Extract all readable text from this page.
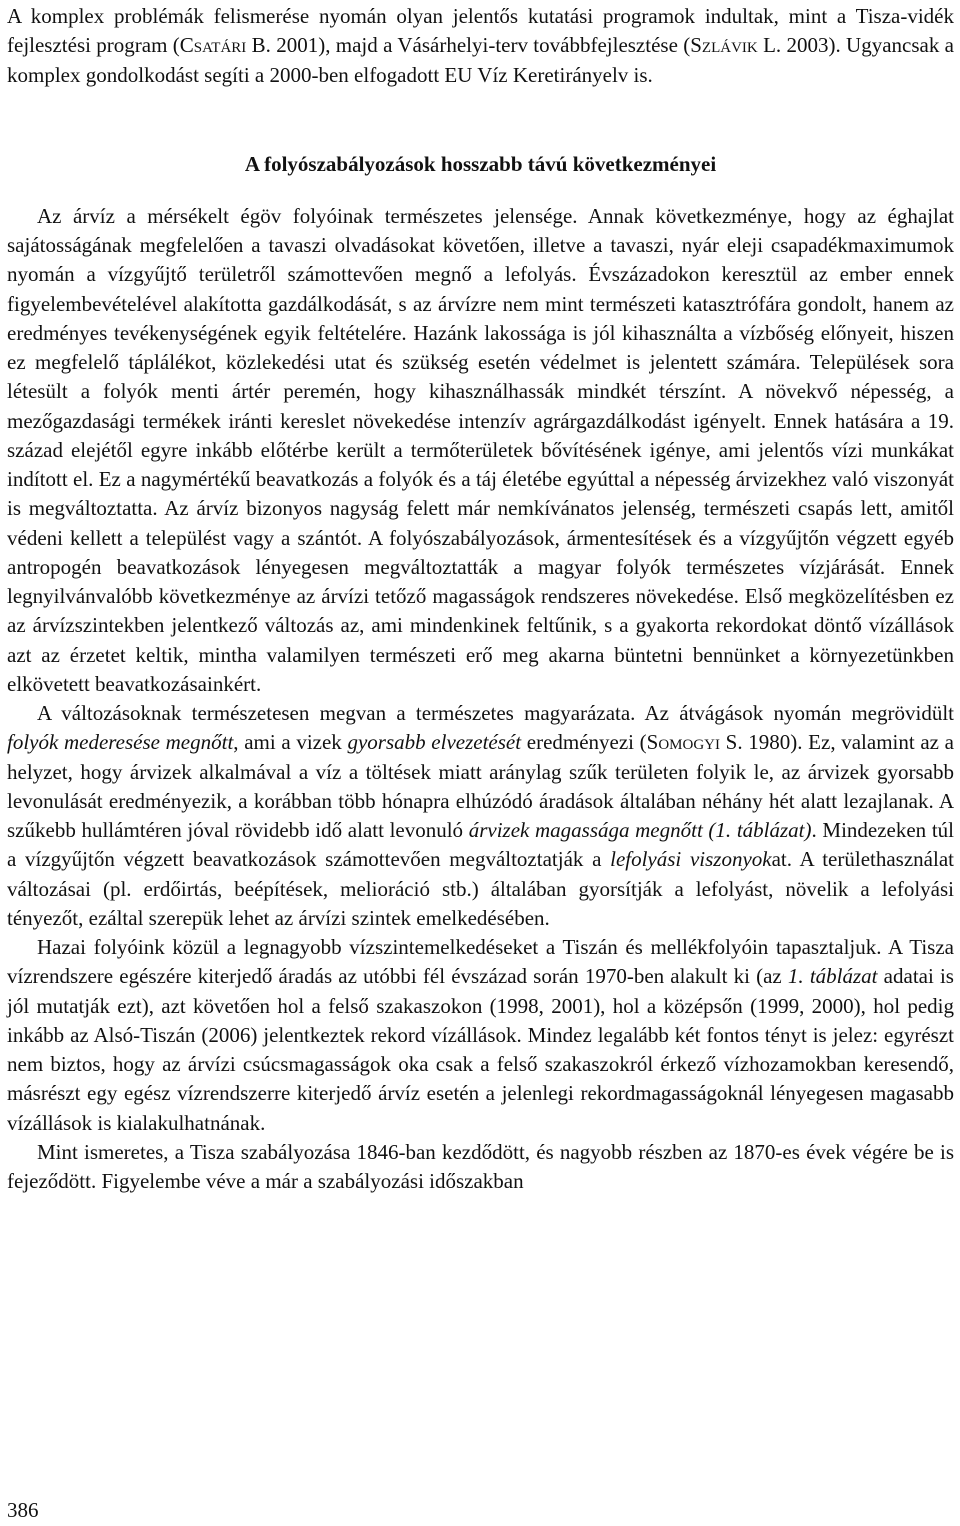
A komplex problémák felismerése nyomán olyan jelentős kutatási programok indultak, mint a Tisza-vidék fejlesztési program (Csatári B. 2001), majd a Vásárhelyi-terv továbbfejlesztése (Szlávik L. 2003). Ugyancsak a komplex gondolkodást segíti a 2000-ben elfogadott EU Víz Keretirányelv is.

A folyószabályozások hosszabb távú következményei

Az árvíz a mérsékelt égöv folyóinak természetes jelensége. Annak következménye, hogy az éghajlat sajátosságának megfelelően a tavaszi olvadásokat követően, illetve a tavaszi, nyár eleji csapadékmaximumok nyomán a vízgyűjtő területről számottevően megnő a lefolyás. Évszázadokon keresztül az ember ennek figyelembevételével alakította gazdálkodását, s az árvízre nem mint természeti katasztrófára gondolt, hanem az eredményes tevékenységének egyik feltételére. Hazánk lakossága is jól kihasználta a vízbőség előnyeit, hiszen ez megfelelő táplálékot, közlekedési utat és szükség esetén védelmet is jelentett számára. Települések sora létesült a folyók menti ártér peremén, hogy kihasználhassák mindkét térszínt. A növekvő népesség, a mezőgazdasági termékek iránti kereslet növekedése intenzív agrárgazdálkodást igényelt. Ennek hatására a 19. század elejétől egyre inkább előtérbe került a termőterületek bővítésének igénye, ami jelentős vízi munkákat indított el. Ez a nagymértékű beavatkozás a folyók és a táj életébe egyúttal a népesség árvizekhez való viszonyát is megváltoztatta. Az árvíz bizonyos nagyság felett már nemkívánatos jelenség, természeti csapás lett, amitől védeni kellett a települést vagy a szántót. A folyószabályozások, ármentesítések és a vízgyűjtőn végzett egyéb antropogén beavatkozások lényegesen megváltoztatták a magyar folyók természetes vízjárását. Ennek legnyilvánvalóbb következménye az árvízi tetőző magasságok rendszeres növekedése. Első megközelítésben ez az árvízszintekben jelentkező változás az, ami mindenkinek feltűnik, s a gyakorta rekordokat döntő vízállások azt az érzetet keltik, mintha valamilyen természeti erő meg akarna büntetni bennünket a környezetünkben elkövetett beavatkozásainkért.

A változásoknak természetesen megvan a természetes magyarázata. Az átvágások nyomán megrövidült folyók mederesése megnőtt, ami a vizek gyorsabb elvezetését eredményezi (Somogyi S. 1980). Ez, valamint az a helyzet, hogy árvizek alkalmával a víz a töltések miatt aránylag szűk területen folyik le, az árvizek gyorsabb levonulását eredményezik, a korábban több hónapra elhúzódó áradások általában néhány hét alatt lezajlanak. A szűkebb hullámtéren jóval rövidebb idő alatt levonuló árvizek magassága megnőtt (1. táblázat). Mindezeken túl a vízgyűjtőn végzett beavatkozások számottevően megváltoztatják a lefolyási viszonyokat. A területhasználat változásai (pl. erdőirtás, beépítések, melioráció stb.) általában gyorsítják a lefolyást, növelik a lefolyási tényezőt, ezáltal szerepük lehet az árvízi szintek emelkedésében.

Hazai folyóink közül a legnagyobb vízszintemelkedéseket a Tiszán és mellékfolyóin tapasztaljuk. A Tisza vízrendszere egészére kiterjedő áradás az utóbbi fél évszázad során 1970-ben alakult ki (az 1. táblázat adatai is jól mutatják ezt), azt követően hol a felső szakaszokon (1998, 2001), hol a középsőn (1999, 2000), hol pedig inkább az Alsó-Tiszán (2006) jelentkeztek rekord vízállások. Mindez legalább két fontos tényt is jelez: egyrészt nem biztos, hogy az árvízi csúcsmagasságok oka csak a felső szakaszokról érkező vízhozamokban keresendő, másrészt egy egész vízrendszerre kiterjedő árvíz esetén a jelenlegi rekordmagasságoknál lényegesen magasabb vízállások is kialakulhatnának.

Mint ismeretes, a Tisza szabályozása 1846-ban kezdődött, és nagyobb részben az 1870-es évek végére be is fejeződött. Figyelembe véve a már a szabályozási időszakban

386
